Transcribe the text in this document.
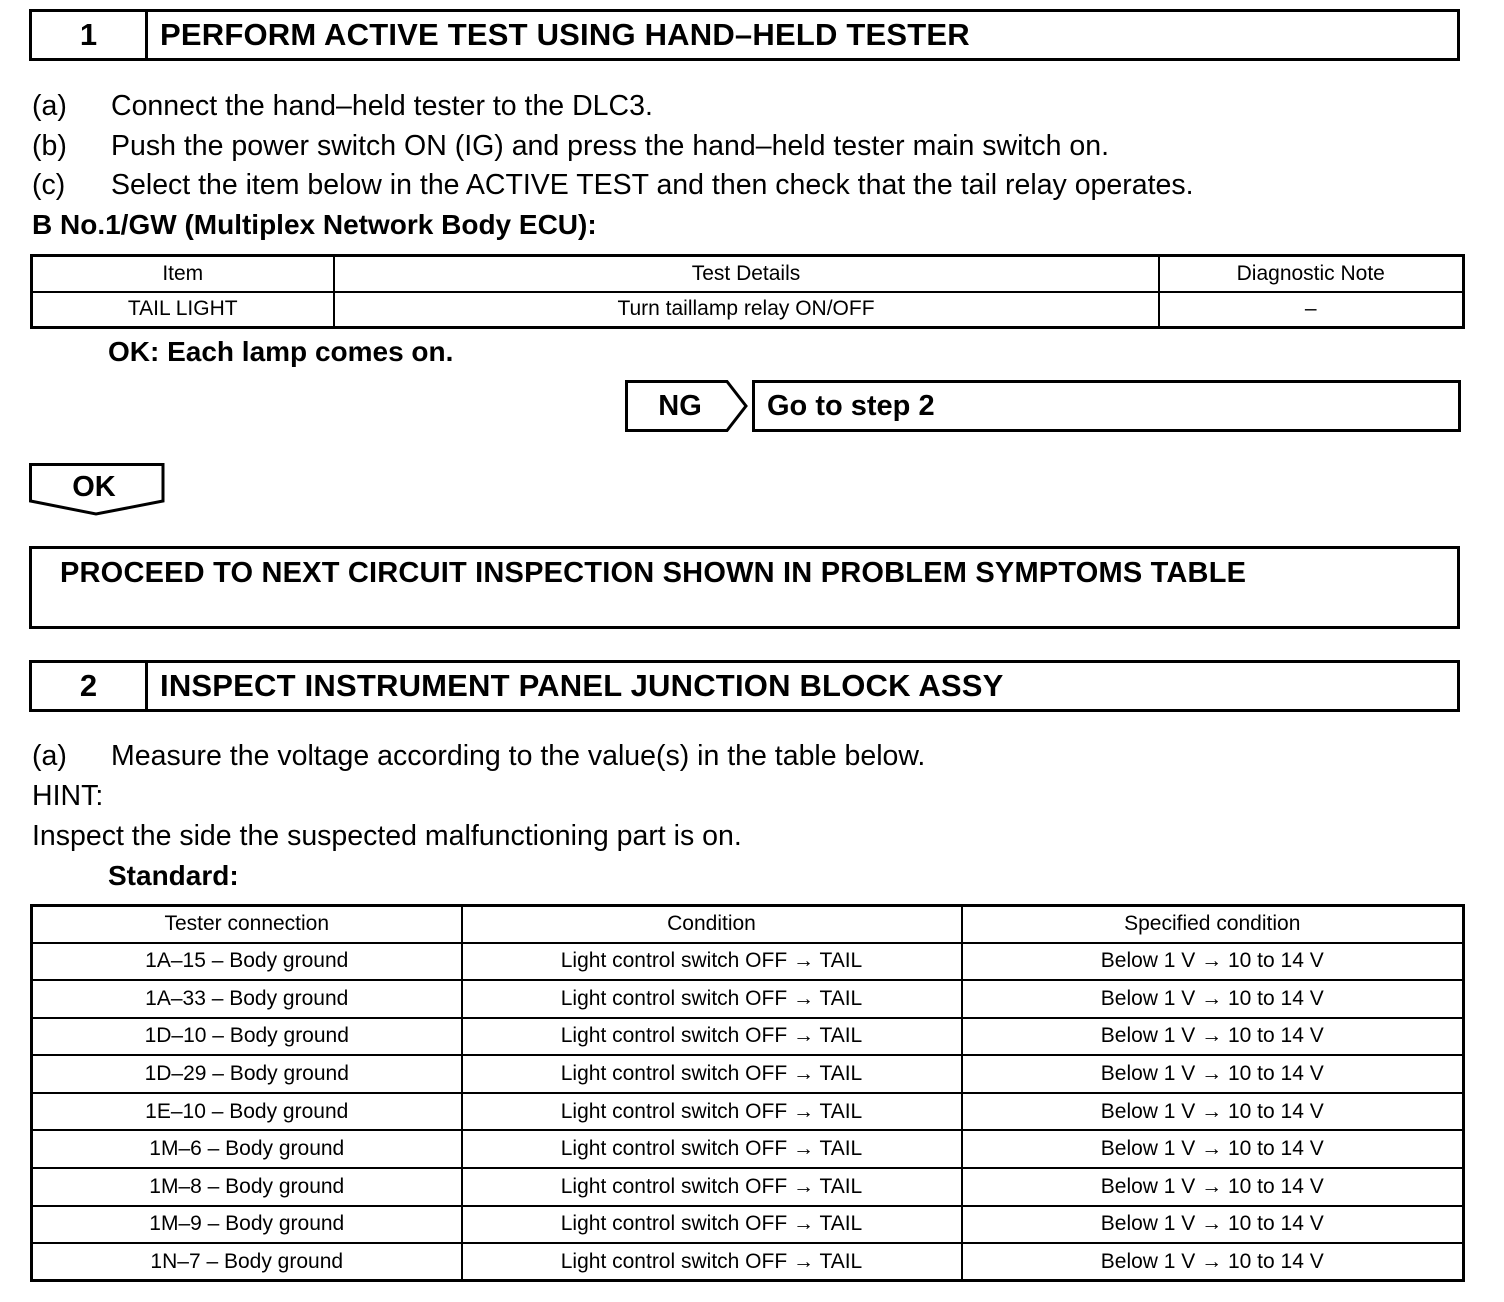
1	PERFORM ACTIVE TEST USING HAND–HELD TESTER
(a) Connect the hand–held tester to the DLC3.
(b) Push the power switch ON (IG) and press the hand–held tester main switch on.
(c) Select the item below in the ACTIVE TEST and then check that the tail relay operates.
B No.1/GW (Multiplex Network Body ECU):
Item	Test Details	Diagnostic Note
TAIL LIGHT	Turn taillamp relay ON/OFF	–
OK: Each lamp comes on.
NG	Go to step 2
OK
PROCEED TO NEXT CIRCUIT INSPECTION SHOWN IN PROBLEM SYMPTOMS TABLE
2	INSPECT INSTRUMENT PANEL JUNCTION BLOCK ASSY
(a) Measure the voltage according to the value(s) in the table below.
HINT:
Inspect the side the suspected malfunctioning part is on.
Standard:
Tester connection	Condition	Specified condition
1A–15 – Body ground	Light control switch OFF → TAIL	Below 1 V → 10 to 14 V
1A–33 – Body ground	Light control switch OFF → TAIL	Below 1 V → 10 to 14 V
1D–10 – Body ground	Light control switch OFF → TAIL	Below 1 V → 10 to 14 V
1D–29 – Body ground	Light control switch OFF → TAIL	Below 1 V → 10 to 14 V
1E–10 – Body ground	Light control switch OFF → TAIL	Below 1 V → 10 to 14 V
1M–6 – Body ground	Light control switch OFF → TAIL	Below 1 V → 10 to 14 V
1M–8 – Body ground	Light control switch OFF → TAIL	Below 1 V → 10 to 14 V
1M–9 – Body ground	Light control switch OFF → TAIL	Below 1 V → 10 to 14 V
1N–7 – Body ground	Light control switch OFF → TAIL	Below 1 V → 10 to 14 V
